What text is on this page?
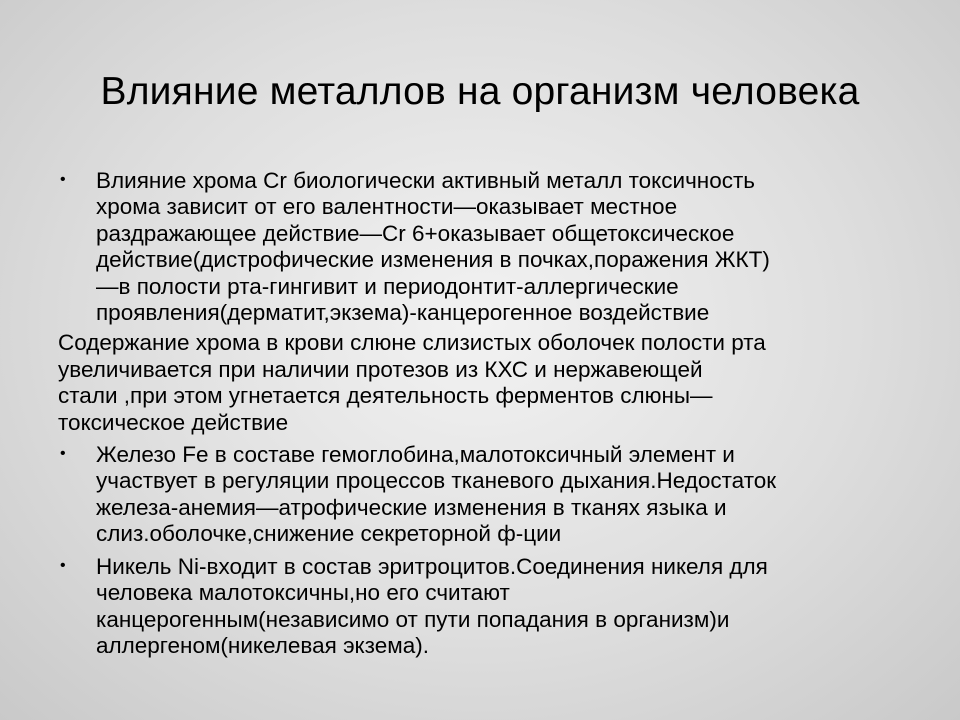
Влияние металлов на организм человека
• Влияние хрома Cr биологически активный металл токсичность
хрома зависит от его валентности—оказывает местное
раздражающее действие—Cr 6+оказывает общетоксическое
действие(дистрофические изменения в почках,поражения ЖКТ)
—в полости рта-гингивит и периодонтит-аллергические
проявления(дерматит,экзема)-канцерогенное воздействие
Содержание хрома в крови слюне слизистых оболочек полости рта
увеличивается при наличии протезов из КХС и нержавеющей
стали ,при этом угнетается деятельность ферментов слюны—
токсическое действие
• Железо Fe в составе гемоглобина,малотоксичный элемент и
участвует в регуляции процессов тканевого дыхания.Недостаток
железа-анемия—атрофические изменения в тканях языка и
слиз.оболочке,снижение секреторной ф-ции
• Никель Ni-входит в состав эритроцитов.Соединения никеля для
человека малотоксичны,но его считают
канцерогенным(независимо от пути попадания в организм)и
аллергеном(никелевая экзема).
